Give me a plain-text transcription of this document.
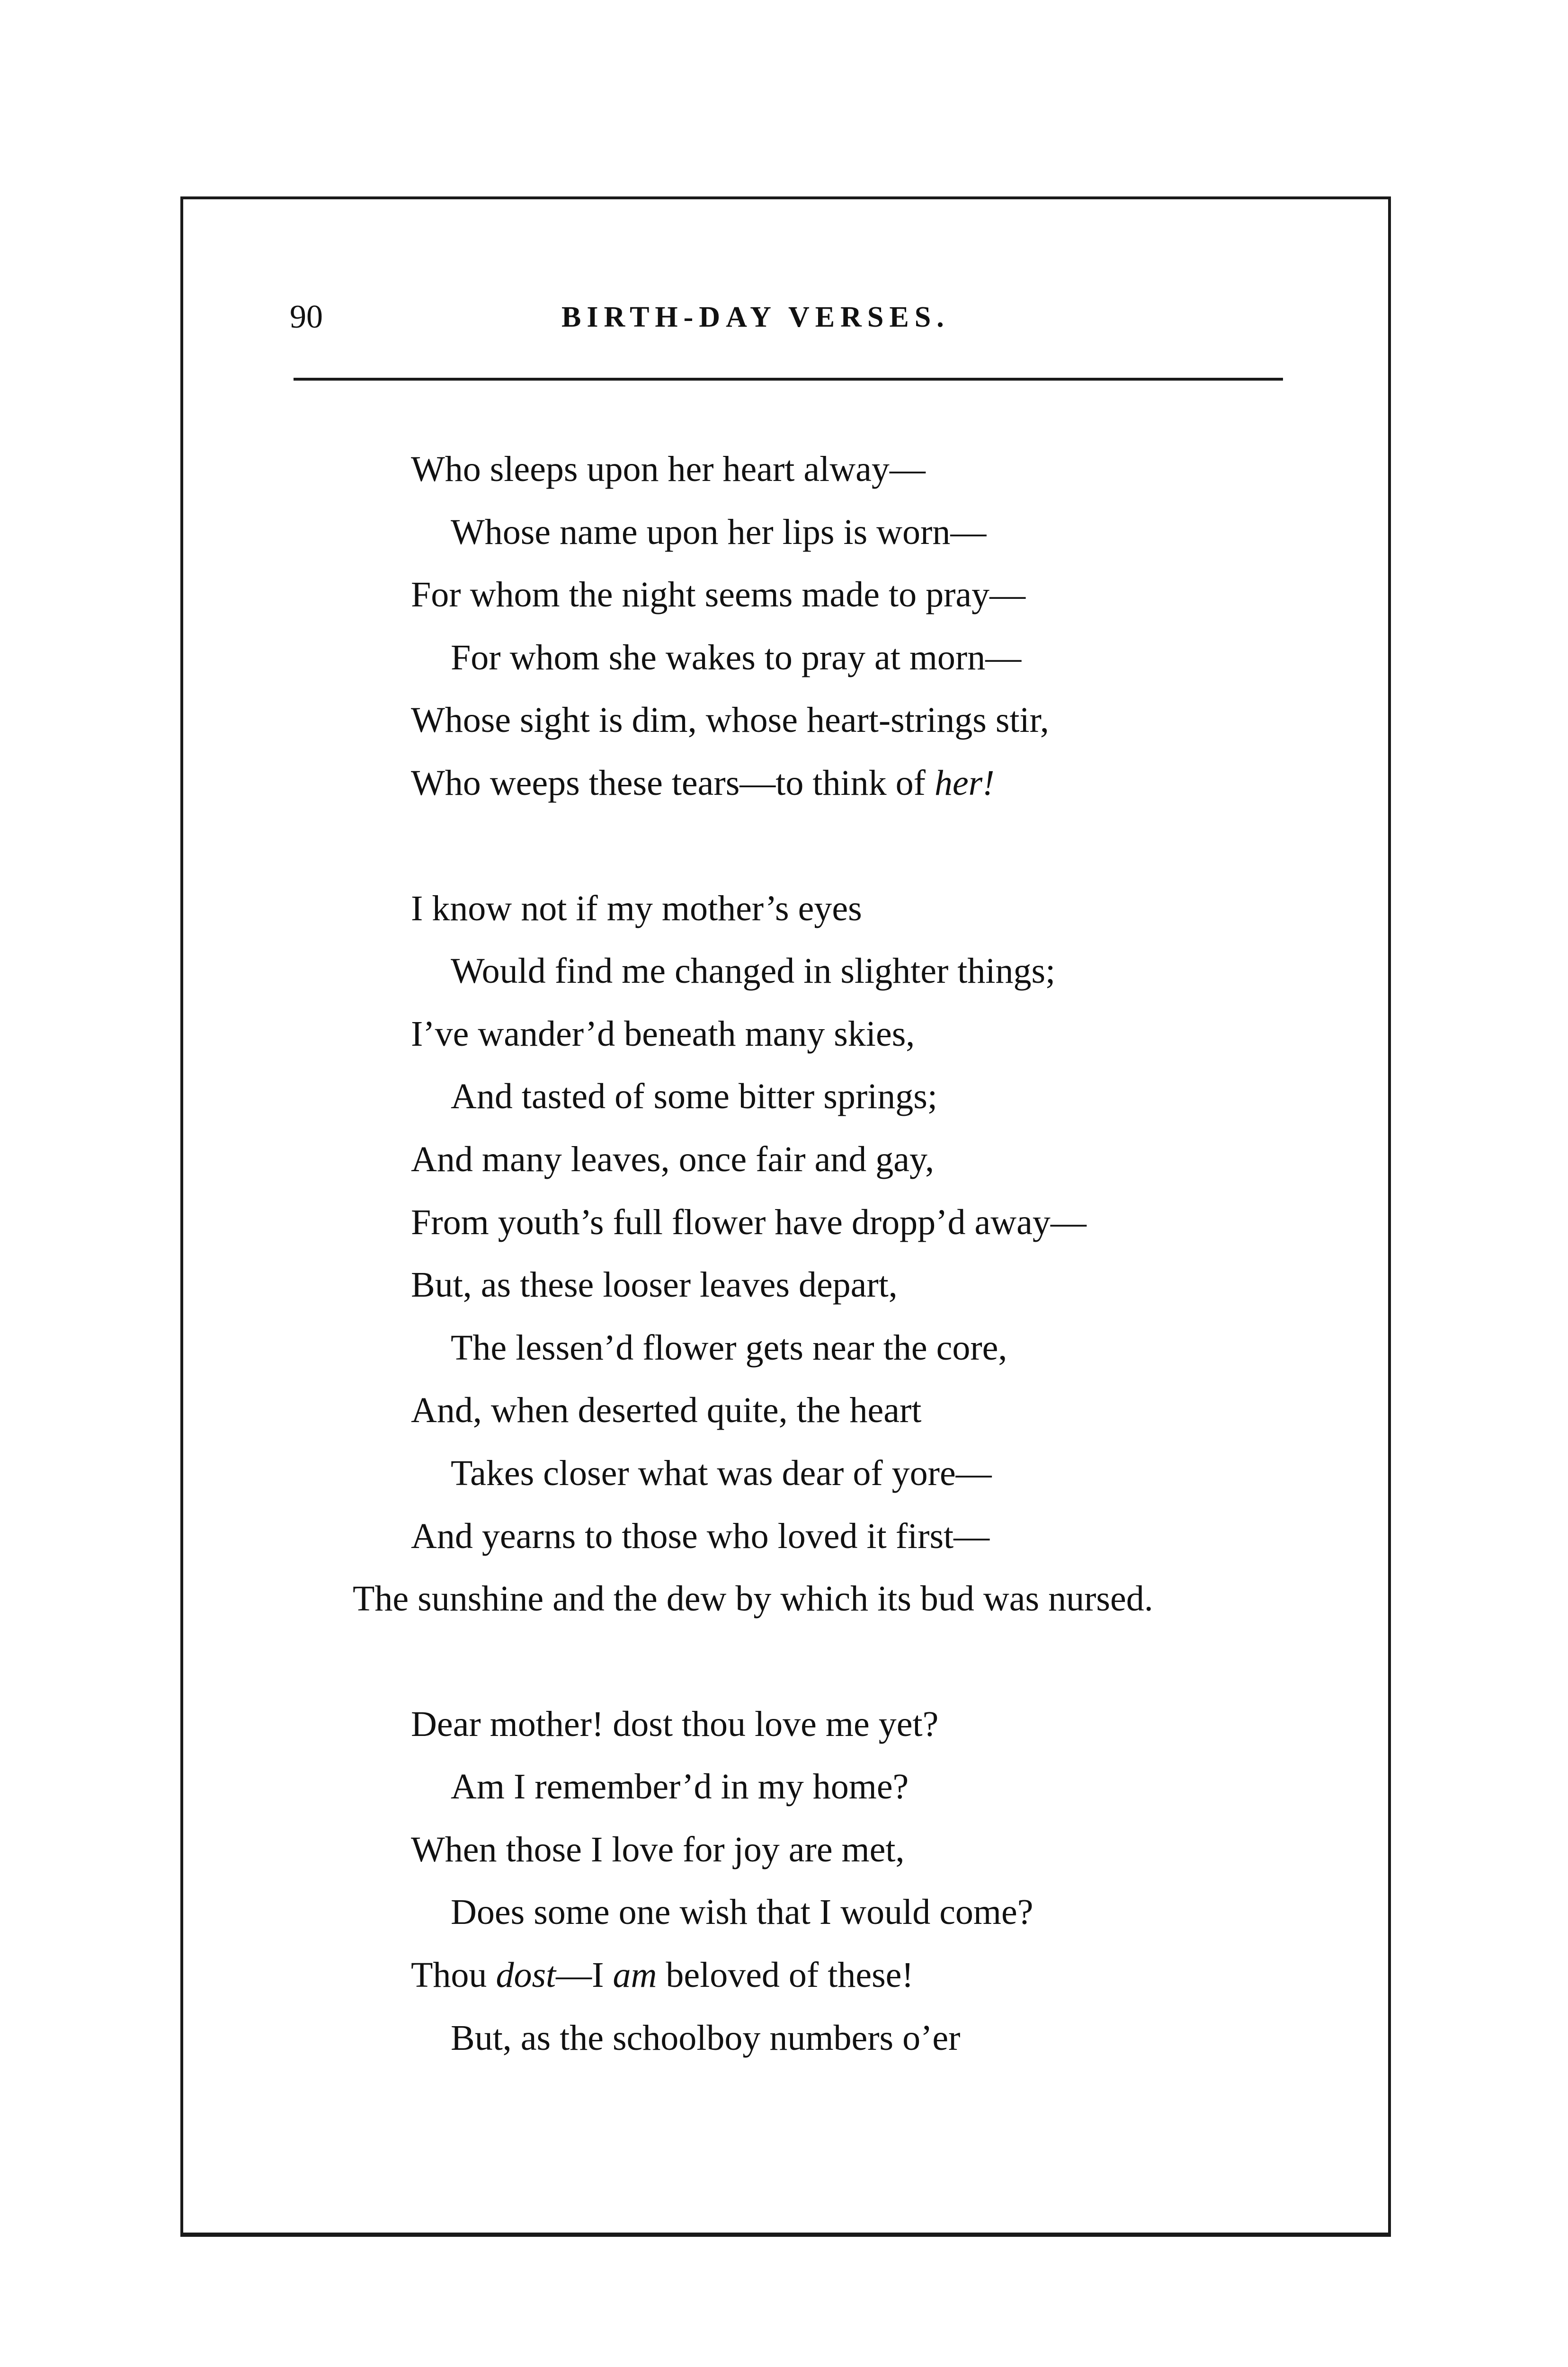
90	BIRTH-DAY VERSES.
Who sleeps upon her heart alway—
Whose name upon her lips is worn—
For whom the night seems made to pray—
For whom she wakes to pray at morn—
Whose sight is dim, whose heart-strings stir,
Who weeps these tears—to think of her!
I know not if my mother’s eyes
Would find me changed in slighter things;
I’ve wander’d beneath many skies,
And tasted of some bitter springs;
And many leaves, once fair and gay,
From youth’s full flower have dropp’d away—
But, as these looser leaves depart,
The lessen’d flower gets near the core,
And, when deserted quite, the heart
Takes closer what was dear of yore—
And yearns to those who loved it first—
The sunshine and the dew by which its bud was nursed.
Dear mother! dost thou love me yet?
Am I remember’d in my home?
When those I love for joy are met,
Does some one wish that I would come?
Thou dost—I am beloved of these!
But, as the schoolboy numbers o’er
